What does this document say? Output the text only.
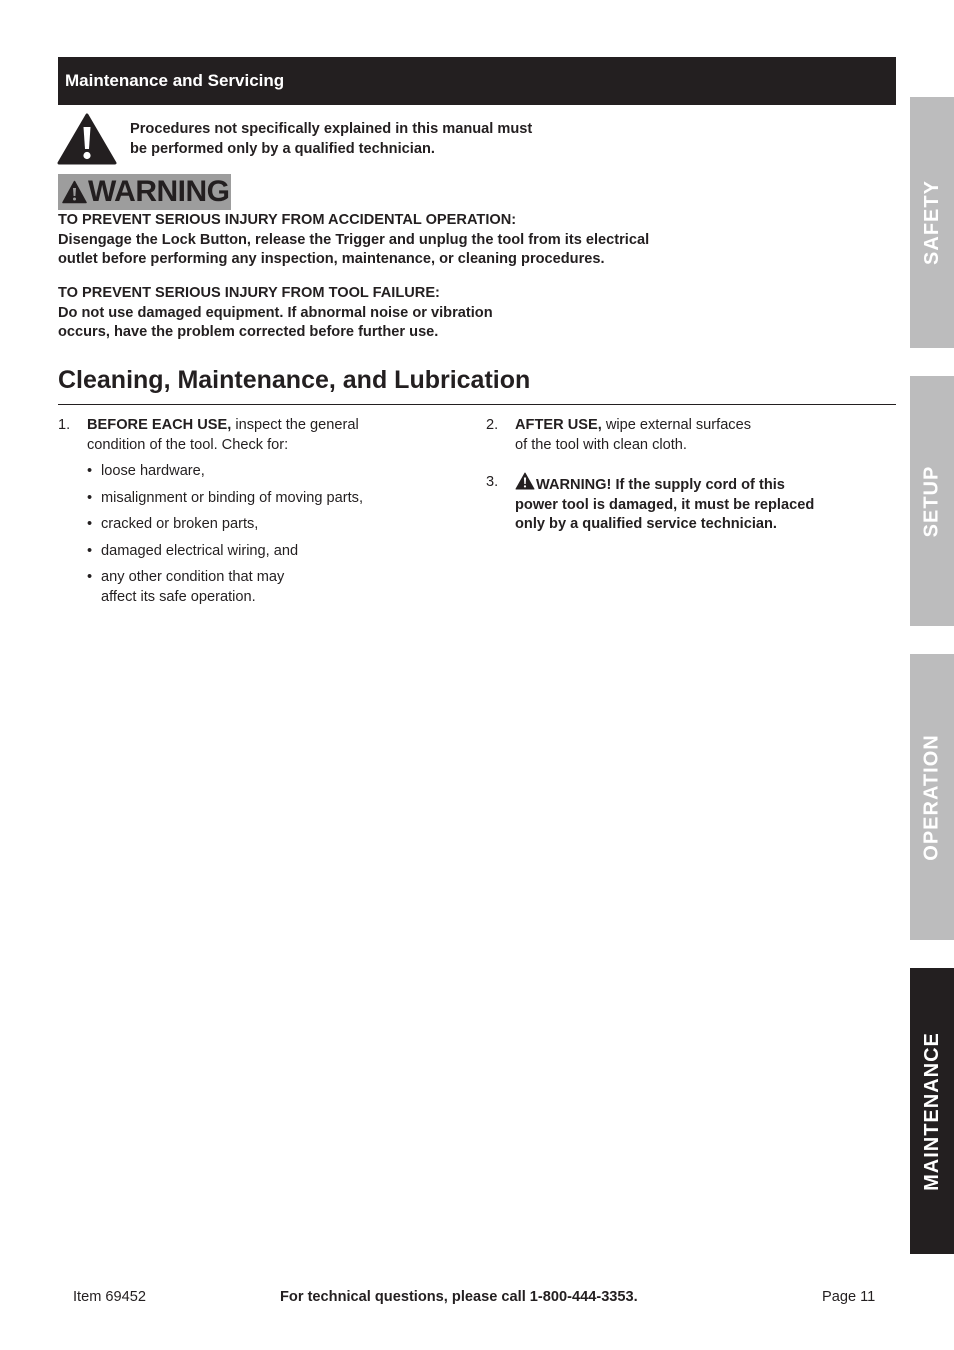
Maintenance and Servicing
Procedures not specifically explained in this manual must
be performed only by a qualified technician.
WARNING

TO PREVENT SERIOUS INJURY FROM ACCIDENTAL OPERATION:

Disengage the Lock Button, release the Trigger and unplug the tool from its electrical

outlet before performing any inspection, maintenance, or cleaning procedures.

TO PREVENT SERIOUS INJURY FROM TOOL FAILURE:

Do not use damaged equipment. If abnormal noise or vibration

occurs, have the problem corrected before further use.

Cleaning, Maintenance, and Lubrication
1. BEFORE EACH USE, inspect the general
condition of the tool. Check for:
• loose hardware,
• misalignment or binding of moving parts,
• cracked or broken parts,
• damaged electrical wiring, and
• any other condition that may
affect its safe operation.
2. AFTER USE, wipe external surfaces
of the tool with clean cloth.
3.	WARNING! If the supply cord of this
power tool is damaged, it must be replaced
only by a qualified service technician.
SAFETY
SETUP
OPERATION
MAINTENANCE
Item 69452	For technical questions, please call 1-800-444-3353.	Page 11
